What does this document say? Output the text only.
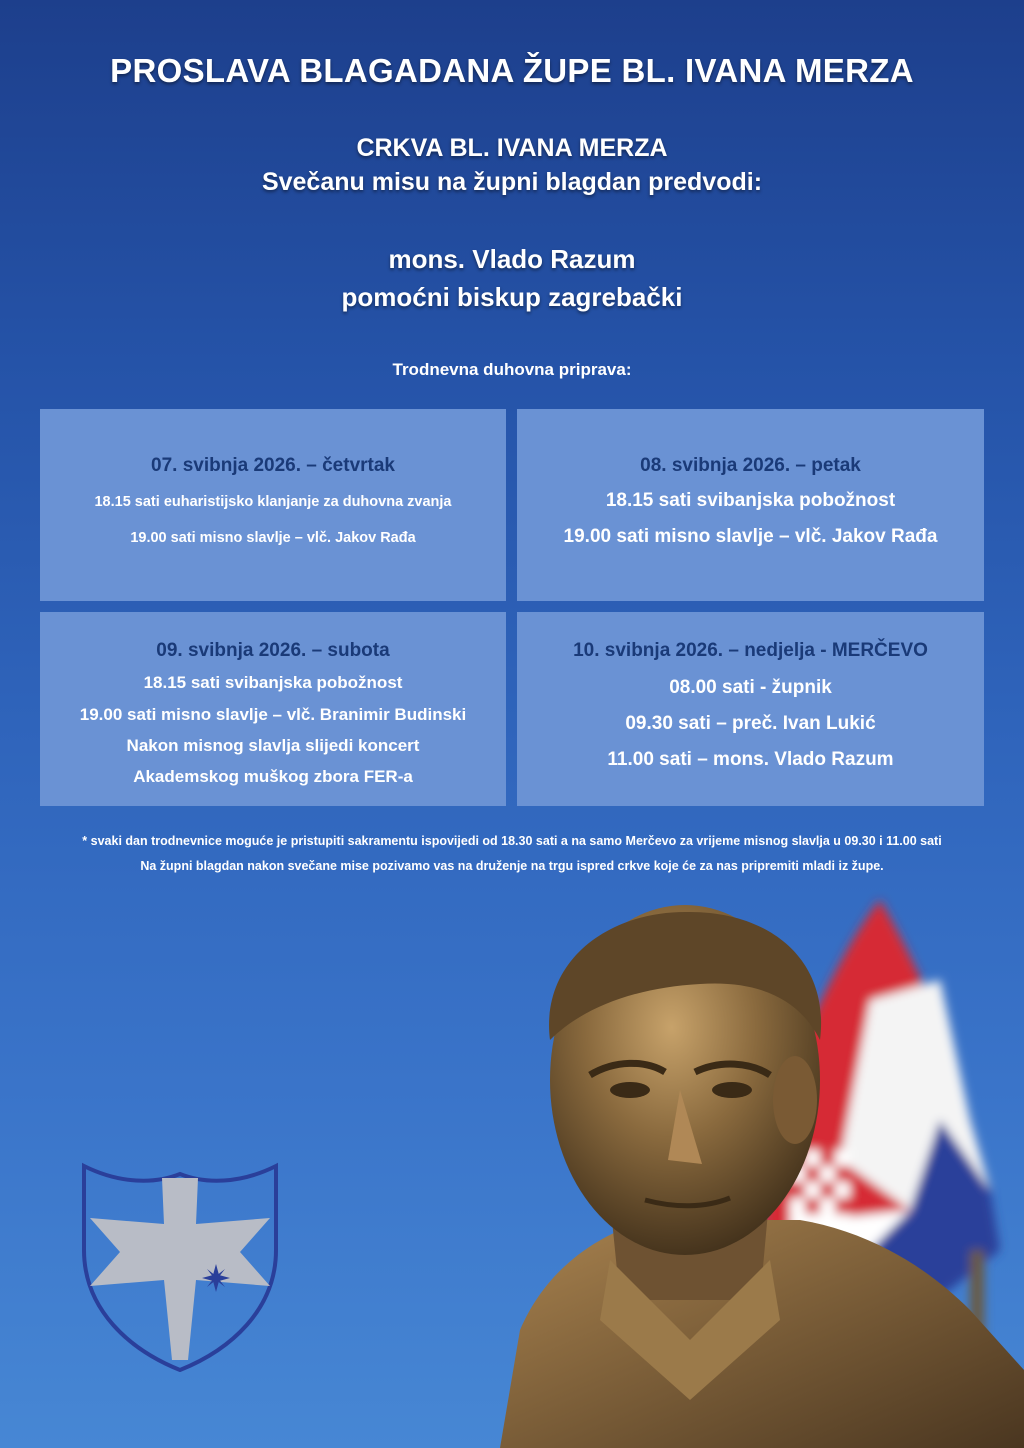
PROSLAVA BLAGADANA ŽUPE BL. IVANA MERZA
CRKVA BL. IVANA MERZA
Svečanu misu na župni blagdan predvodi:
mons. Vlado Razum
pomoćni biskup zagrebački
Trodnevna duhovna priprava:
07. svibnja 2026. – četvrtak
18.15 sati euharistijsko klanjanje za duhovna zvanja
19.00 sati misno slavlje – vlč. Jakov Rađa
08. svibnja 2026. – petak
18.15 sati svibanjska pobožnost
19.00 sati misno slavlje – vlč. Jakov Rađa
09. svibnja 2026. – subota
18.15 sati svibanjska pobožnost
19.00 sati misno slavlje – vlč. Branimir Budinski
Nakon misnog slavlja slijedi koncert
Akademskog muškog zbora FER-a
10. svibnja 2026. – nedjelja - MERČEVO
08.00 sati - župnik
09.30 sati – preč. Ivan Lukić
11.00 sati – mons. Vlado Razum
* svaki dan trodnevnice moguće je pristupiti sakramentu ispovijedi od 18.30 sati a na samo Merčevo za vrijeme misnog slavlja u 09.30 i 11.00 sati
Na župni blagdan nakon svečane mise pozivamo vas na druženje na trgu ispred crkve koje će za nas pripremiti mladi iz župe.
